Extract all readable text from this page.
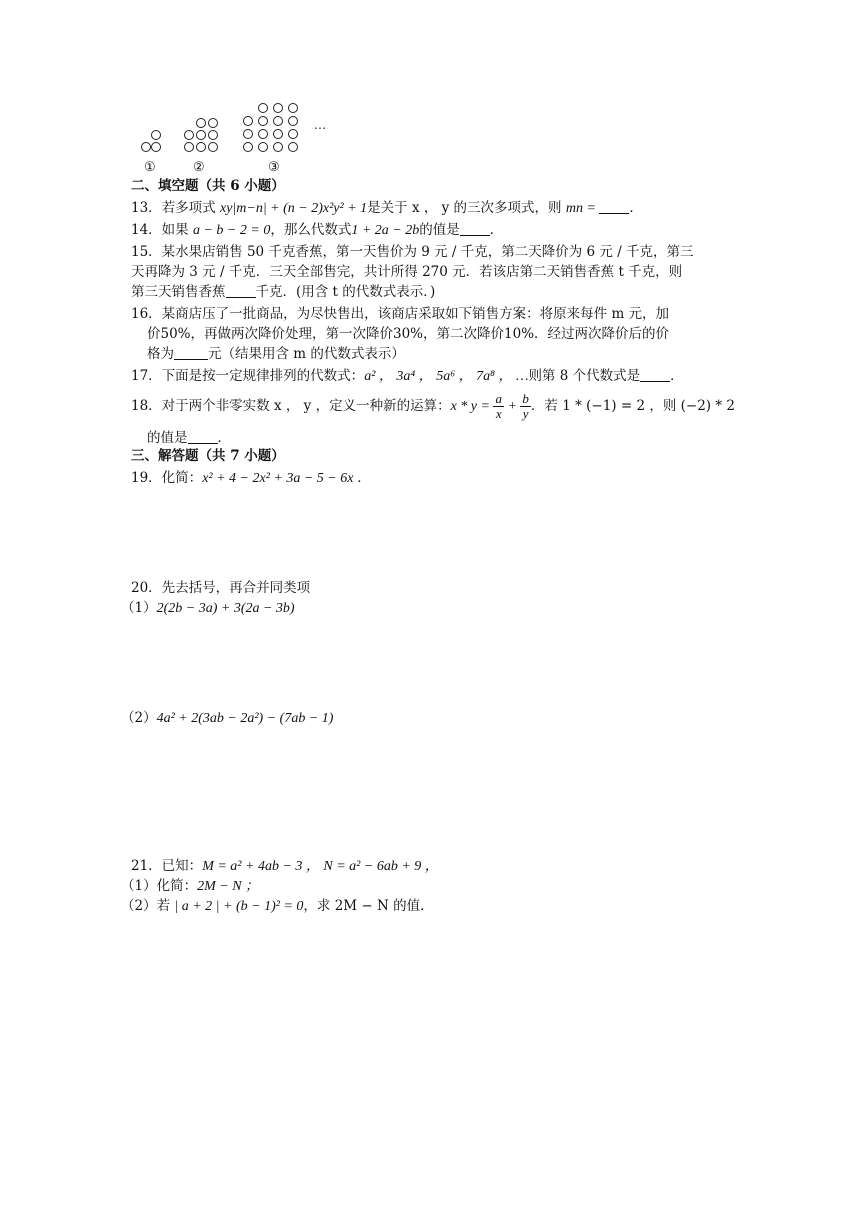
…
①	②	③
二、填空题（共 6 小题）
13．若多项式 xy|m−n| + (n − 2)x²y² + 1是关于 x ， y 的三次多项式，则 mn = ．
14．如果 a − b − 2 = 0，那么代数式1 + 2a − 2b的值是 ．
15．某水果店销售 50 千克香蕉，第一天售价为 9 元 / 千克，第二天降价为 6 元 / 千克，第三
天再降为 3 元 / 千克．三天全部售完，共计所得 270 元．若该店第二天销售香蕉 t 千克，则
第三天销售香蕉 千克．(用含 t 的代数式表示．)
16．某商店压了一批商品，为尽快售出，该商店采取如下销售方案：将原来每件 m 元，加
价50%，再做两次降价处理，第一次降价30%，第二次降价10%．经过两次降价后的价
格为	元（结果用含 m 的代数式表示）
17．下面是按一定规律排列的代数式：a² ， 3a⁴ ， 5a⁶ ， 7a⁸ ， …则第 8 个代数式是 ．
18．对于两个非零实数 x ， y ，定义一种新的运算：$x * y = \frac{a}{x} + \frac{b}{y}$ ．若 1 * (−1) = 2 ，则 (−2) * 2
的值是 ．
三、解答题（共 7 小题）
19．化简：x² + 4 − 2x² + 3a − 5 − 6x ．
20．先去括号，再合并同类项
（1）2(2b − 3a) + 3(2a − 3b)
（2）4a² + 2(3ab − 2a²) − (7ab − 1)
21．已知：M = a² + 4ab − 3 ， N = a² − 6ab + 9 ，
（1）化简：2M − N ；
（2）若 | a + 2 | + (b − 1)² = 0，求 2M − N 的值．
